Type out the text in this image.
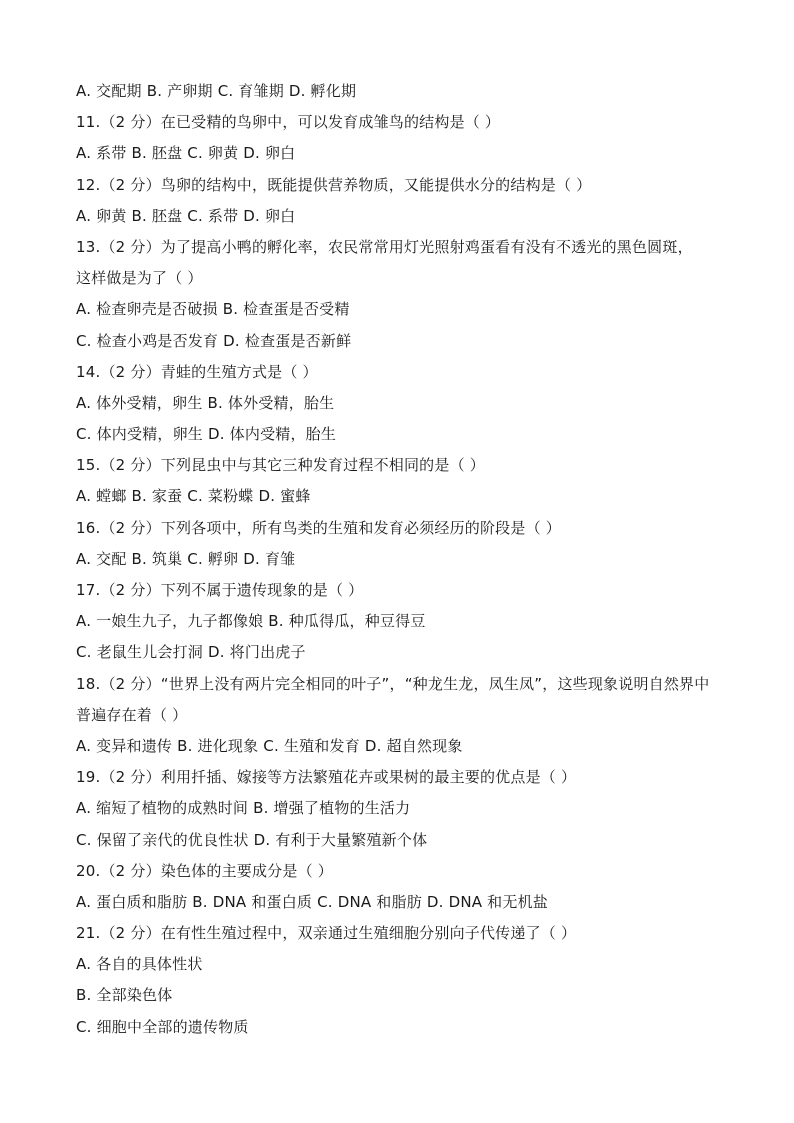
A. 交配期 B. 产卵期 C. 育雏期 D. 孵化期
11.（2 分）在已受精的鸟卵中，可以发育成雏鸟的结构是（ ）
A. 系带 B. 胚盘 C. 卵黄 D. 卵白
12.（2 分）鸟卵的结构中，既能提供营养物质，又能提供水分的结构是（ ）
A. 卵黄 B. 胚盘 C. 系带 D. 卵白
13.（2 分）为了提高小鸭的孵化率，农民常常用灯光照射鸡蛋看有没有不透光的黑色圆斑，
这样做是为了（ ）
A. 检查卵壳是否破损 B. 检查蛋是否受精
C. 检查小鸡是否发育 D. 检查蛋是否新鲜
14.（2 分）青蛙的生殖方式是（ ）
A. 体外受精，卵生 B. 体外受精，胎生
C. 体内受精，卵生 D. 体内受精，胎生
15.（2 分）下列昆虫中与其它三种发育过程不相同的是（ ）
A. 螳螂 B. 家蚕 C. 菜粉蝶 D. 蜜蜂
16.（2 分）下列各项中，所有鸟类的生殖和发育必须经历的阶段是（ ）
A. 交配 B. 筑巢 C. 孵卵 D. 育雏
17.（2 分）下列不属于遗传现象的是（ ）
A. 一娘生九子，九子都像娘 B. 种瓜得瓜，种豆得豆
C. 老鼠生儿会打洞 D. 将门出虎子
18.（2 分）“世界上没有两片完全相同的叶子”，“种龙生龙，凤生凤”，这些现象说明自然界中
普遍存在着（ ）
A. 变异和遗传 B. 进化现象 C. 生殖和发育 D. 超自然现象
19.（2 分）利用扦插、嫁接等方法繁殖花卉或果树的最主要的优点是（ ）
A. 缩短了植物的成熟时间 B. 增强了植物的生活力
C. 保留了亲代的优良性状 D. 有利于大量繁殖新个体
20.（2 分）染色体的主要成分是（ ）
A. 蛋白质和脂肪 B. DNA 和蛋白质 C. DNA 和脂肪 D. DNA 和无机盐
21.（2 分）在有性生殖过程中，双亲通过生殖细胞分别向子代传递了（ ）
A. 各自的具体性状
B. 全部染色体
C. 细胞中全部的遗传物质
